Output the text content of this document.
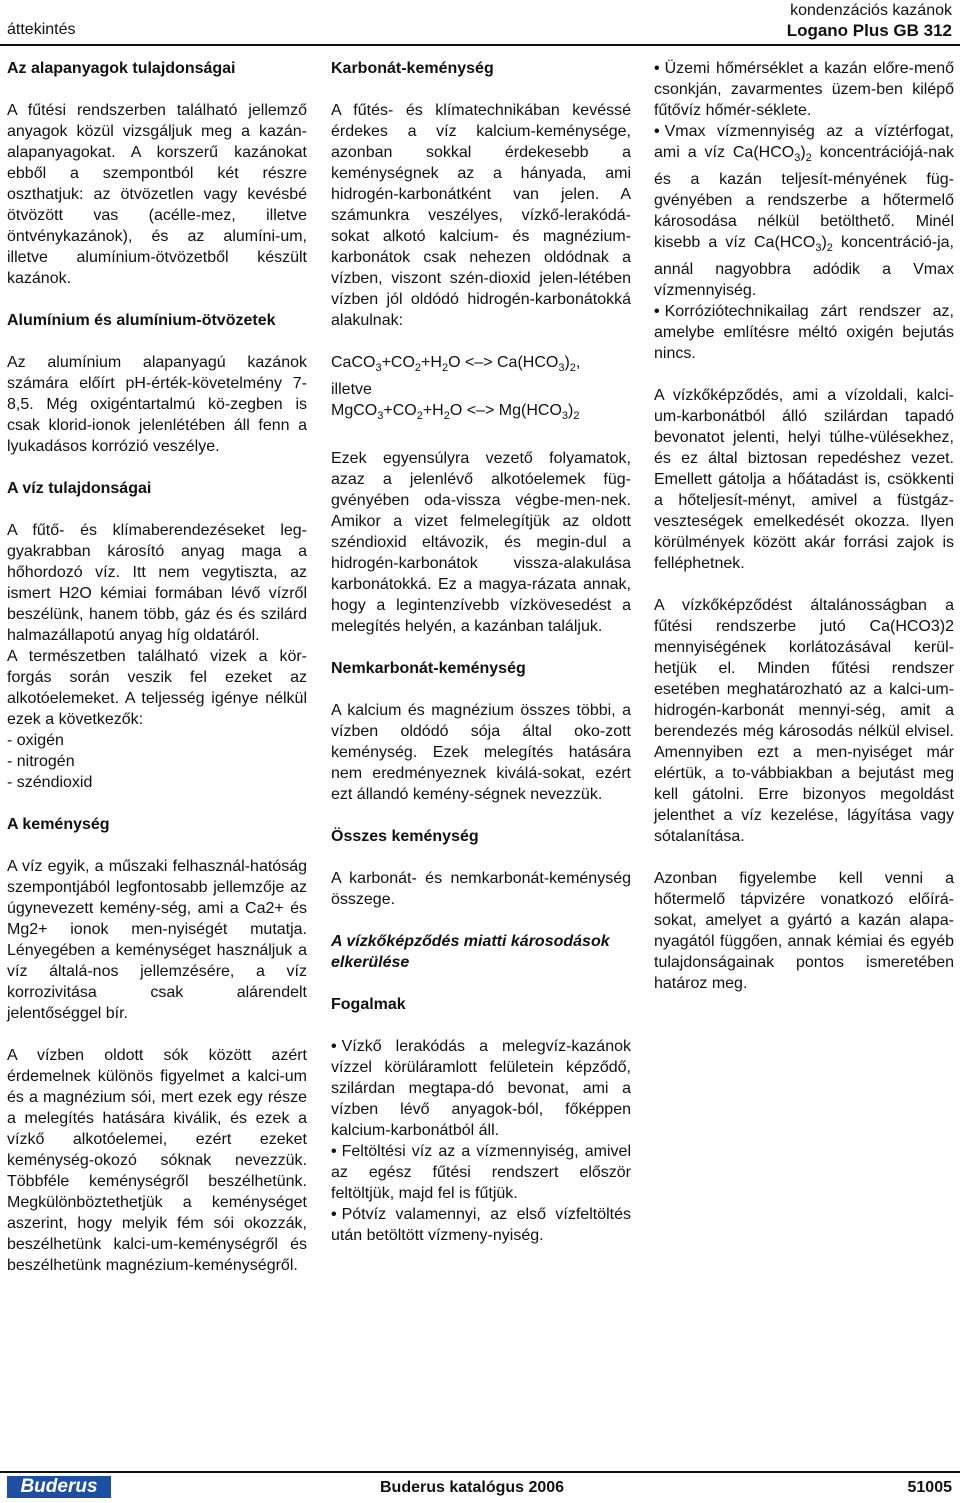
áttekintés
kondenzációs kazánok
Logano Plus GB 312
Az alapanyagok tulajdonságai

A fűtési rendszerben található jellemző anyagok közül vizsgáljuk meg a kazán-alapanyagokat. A korszerű kazánokat ebből a szempontból két részre oszthatjuk: az ötvözetlen vagy kevésbé ötvözött vas (acélle-mez, illetve öntvénykazánok), és az alumíni-um, illetve alumínium-ötvözetből készült kazánok.

Alumínium és alumínium-ötvözetek

Az alumínium alapanyagú kazánok számára előírt pH-érték-követelmény 7-8,5. Még oxigéntartalmú kö-zegben is csak klorid-ionok jelenlétében áll fenn a lyukadásos korrózió veszélye.

A víz tulajdonságai

A fűtő- és klímaberendezéseket leg-gyakrabban károsító anyag maga a hőhordozó víz. Itt nem vegytiszta, az ismert H2O kémiai formában lévő vízről beszélünk, hanem több, gáz és és szilárd halmazállapotú anyag híg oldatáról.

A természetben található vizek a kör-forgás során veszik fel ezeket az alkotóelemeket. A teljesség igénye nélkül ezek a következők:

- oxigén

- nitrogén

- széndioxid

A keménység

A víz egyik, a műszaki felhasznál-hatóság szempontjából legfontosabb jellemzője az úgynevezett kemény-ség, ami a Ca2+ és Mg2+ ionok men-nyiségét mutatja. Lényegében a keménységet használjuk a víz általá-nos jellemzésére, a víz korrozivitása csak alárendelt jelentőséggel bír.

A vízben oldott sók között azért érdemelnek különös figyelmet a kalci-um és a magnézium sói, mert ezek egy része a melegítés hatására kiválik, és ezek a vízkő alkotóelemei, ezért ezeket keménység-okozó sóknak nevezzük. Többféle keménységről beszélhetünk. Megkülönböztethetjük a keménységet aszerint, hogy melyik fém sói okozzák, beszélhetünk kalci-um-keménységről és beszélhetünk magnézium-keménységről.

Karbonát-keménység

A fűtés- és klímatechnikában kevéssé érdekes a víz kalcium-keménysége, azonban sokkal érdekesebb a keménységnek az a hányada, ami hidrogén-karbonátként van jelen. A számunkra veszélyes, vízkő-lerakódá-sokat alkotó kalcium- és magnézium-karbonátok csak nehezen oldódnak a vízben, viszont szén-dioxid jelen-létében vízben jól oldódó hidrogén-karbonátokká alakulnak:

$CaCO_3+CO_2+H_2O$ <–> $Ca(HCO_3)_2$,

illetve

$MgCO_3+CO_2+H_2O$ <–> $Mg(HCO_3)_2$

Ezek egyensúlyra vezető folyamatok, azaz a jelenlévő alkotóelemek füg-gvényében oda-vissza végbe-men-nek. Amikor a vizet felmelegítjük az oldott széndioxid eltávozik, és megin-dul a hidrogén-karbonátok vissza-alakulása karbonátokká. Ez a magya-rázata annak, hogy a legintenzívebb vízkövesedést a melegítés helyén, a kazánban találjuk.

Nemkarbonát-keménység

A kalcium és magnézium összes többi, a vízben oldódó sója által oko-zott keménység. Ezek melegítés hatására nem eredményeznek kiválá-sokat, ezért ezt állandó kemény-ségnek nevezzük.

Összes keménység

A karbonát- és nemkarbonát-keménység összege.

A vízkőképződés miatti károsodások elkerülése
Fogalmak

• Vízkő lerakódás a melegvíz-kazánok vízzel körüláramlott felületein képződő, szilárdan megtapa-dó bevonat, ami a vízben lévő anyagok-ból, főképpen kalcium-karbonátból áll.

• Feltöltési víz az a vízmennyiség, amivel az egész fűtési rendszert először feltöltjük, majd fel is fűtjük.

• Pótvíz valamennyi, az első vízfeltöltés után betöltött vízmeny-nyiség.

• Üzemi hőmérséklet a kazán előre-menő csonkján, zavarmentes üzem-ben kilépő fűtővíz hőmér-séklete.

• Vmax vízmennyiség az a víztérfogat, ami a víz $Ca(HCO_3)_2$ koncentrációjá-nak és a kazán teljesít-ményének füg-gvényében a rendszerbe a hőtermelő károsodása nélkül betölthető. Minél kisebb a víz $Ca(HCO_3)_2$ koncentráció-ja, annál nagyobbra adódik a Vmax vízmennyiség.

• Korróziótechnikailag zárt rendszer az, amelybe említésre méltó oxigén bejutás nincs.

A vízkőképződés, ami a vízoldali, kalci-um-karbonátból álló szilárdan tapadó bevonatot jelenti, helyi túlhe-vülésekhez, és ez által biztosan repedéshez vezet. Emellett gátolja a hőátadást is, csökkenti a hőteljesít-ményt, amivel a füstgáz-veszteségek emelkedését okozza. Ilyen körülmények között akár forrási zajok is felléphetnek.

A vízkőképződést általánosságban a fűtési rendszerbe jutó Ca(HCO3)2 mennyiségének korlátozásával kerül-hetjük el. Minden fűtési rendszer esetében meghatározható az a kalci-um-hidrogén-karbonát mennyi-ség, amit a berendezés még károsodás nélkül elvisel. Amennyiben ezt a men-nyiséget már elértük, a to-vábbiakban a bejutást meg kell gátolni. Erre bizonyos megoldást jelenthet a víz kezelése, lágyítása vagy sótalanítása.

Azonban figyelembe kell venni a hőtermelő tápvizére vonatkozó előírá-sokat, amelyet a gyártó a kazán alapa-nyagától függően, annak kémiai és egyéb tulajdonságainak pontos ismeretében határoz meg.

Buderus	Buderus katalógus 2006	51005
